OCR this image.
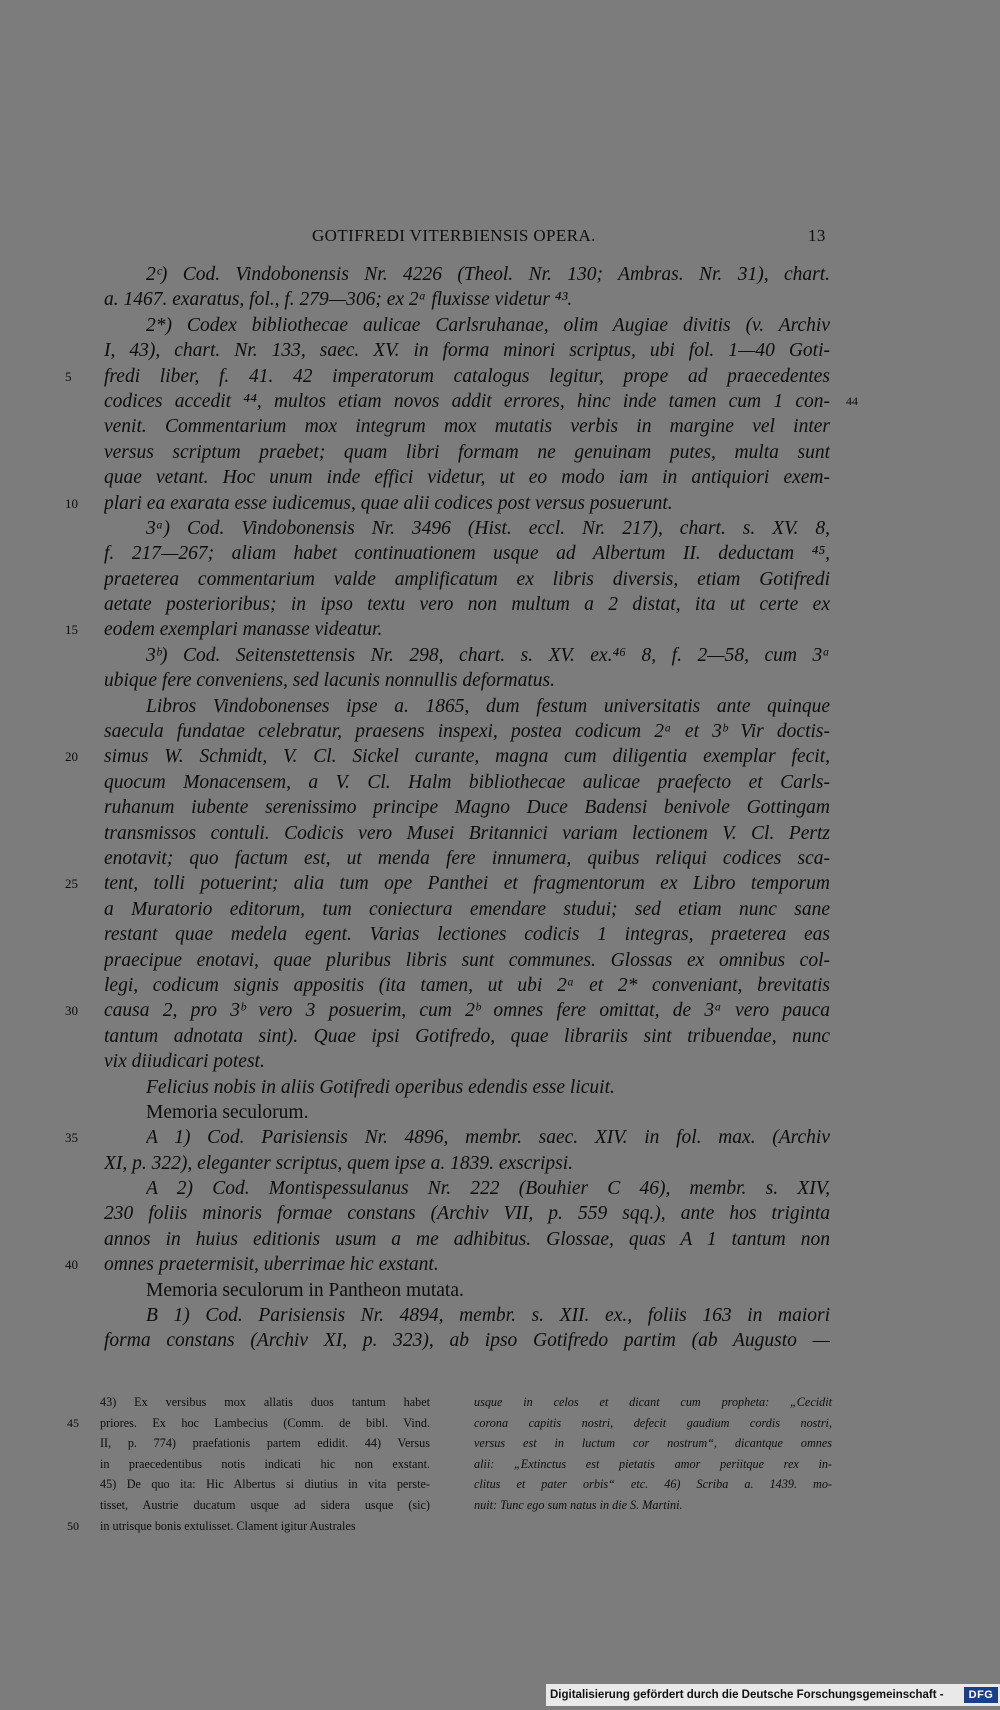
GOTIFREDI VITERBIENSIS OPERA.	13
2ᶜ) Cod. Vindobonensis Nr. 4226 (Theol. Nr. 130; Ambras. Nr. 31), chart.
a. 1467. exaratus, fol., f. 279—306; ex 2ᵃ fluxisse videtur ⁴³.
2*) Codex bibliothecae aulicae Carlsruhanae, olim Augiae divitis (v. Archiv
I, 43), chart. Nr. 133, saec. XV. in forma minori scriptus, ubi fol. 1—40 Goti-
5	fredi liber, f. 41. 42 imperatorum catalogus legitur, prope ad praecedentes
codices accedit ⁴⁴, multos etiam novos addit errores, hinc inde tamen cum 1 con- 44
venit. Commentarium mox integrum mox mutatis verbis in margine vel inter
versus scriptum praebet; quam libri formam ne genuinam putes, multa sunt
quae vetant. Hoc unum inde effici videtur, ut eo modo iam in antiquiori exem-
10	plari ea exarata esse iudicemus, quae alii codices post versus posuerunt.
3ᵃ) Cod. Vindobonensis Nr. 3496 (Hist. eccl. Nr. 217), chart. s. XV. 8,
f. 217—267; aliam habet continuationem usque ad Albertum II. deductam ⁴⁵,
praeterea commentarium valde amplificatum ex libris diversis, etiam Gotifredi
aetate posterioribus; in ipso textu vero non multum a 2 distat, ita ut certe ex
15	eodem exemplari manasse videatur.
3ᵇ) Cod. Seitenstettensis Nr. 298, chart. s. XV. ex.⁴⁶ 8, f. 2—58, cum 3ᵃ
ubique fere conveniens, sed lacunis nonnullis deformatus.
Libros Vindobonenses ipse a. 1865, dum festum universitatis ante quinque
saecula fundatae celebratur, praesens inspexi, postea codicum 2ᵃ et 3ᵇ Vir doctis-
20	simus W. Schmidt, V. Cl. Sickel curante, magna cum diligentia exemplar fecit,
quocum Monacensem, a V. Cl. Halm bibliothecae aulicae praefecto et Carls-
ruhanum iubente serenissimo principe Magno Duce Badensi benivole Gottingam
transmissos contuli. Codicis vero Musei Britannici variam lectionem V. Cl. Pertz
enotavit; quo factum est, ut menda fere innumera, quibus reliqui codices sca-
25	tent, tolli potuerint; alia tum ope Panthei et fragmentorum ex Libro temporum
a Muratorio editorum, tum coniectura emendare studui; sed etiam nunc sane
restant quae medela egent. Varias lectiones codicis 1 integras, praeterea eas
praecipue enotavi, quae pluribus libris sunt communes. Glossas ex omnibus col-
legi, codicum signis appositis (ita tamen, ut ubi 2ᵃ et 2* conveniant, brevitatis
30	causa 2, pro 3ᵇ vero 3 posuerim, cum 2ᵇ omnes fere omittat, de 3ᵃ vero pauca
tantum adnotata sint). Quae ipsi Gotifredo, quae librariis sint tribuendae, nunc
vix diiudicari potest.
Felicius nobis in aliis Gotifredi operibus edendis esse licuit.
Memoria seculorum.
35	A 1) Cod. Parisiensis Nr. 4896, membr. saec. XIV. in fol. max. (Archiv
XI, p. 322), eleganter scriptus, quem ipse a. 1839. exscripsi.
A 2) Cod. Montispessulanus Nr. 222 (Bouhier C 46), membr. s. XIV,
230 foliis minoris formae constans (Archiv VII, p. 559 sqq.), ante hos triginta
annos in huius editionis usum a me adhibitus. Glossae, quas A 1 tantum non
40	omnes praetermisit, uberrimae hic exstant.
Memoria seculorum in Pantheon mutata.
B 1) Cod. Parisiensis Nr. 4894, membr. s. XII. ex., foliis 163 in maiori
forma constans (Archiv XI, p. 323), ab ipso Gotifredo partim (ab Augusto —
43) Ex versibus mox allatis duos tantum habet
45 priores. Ex hoc Lambecius (Comm. de bibl. Vind.
II, p. 774) praefationis partem edidit. 44) Versus
in praecedentibus notis indicati hic non exstant.
45) De quo ita: Hic Albertus si diutius in vita perste-
tisset, Austrie ducatum usque ad sidera usque (sic)
50 in utrisque bonis extulisset. Clament igitur Australes
usque in celos et dicant cum propheta: „Cecidit
corona capitis nostri, defecit gaudium cordis nostri,
versus est in luctum cor nostrum“, dicantque omnes
alii: „Extinctus est pietatis amor periitque rex in-
clitus et pater orbis“ etc. 46) Scriba a. 1439. mo-
nuit: Tunc ego sum natus in die S. Martini.
Digitalisierung gefördert durch die Deutsche Forschungsgemeinschaft -	DFG
